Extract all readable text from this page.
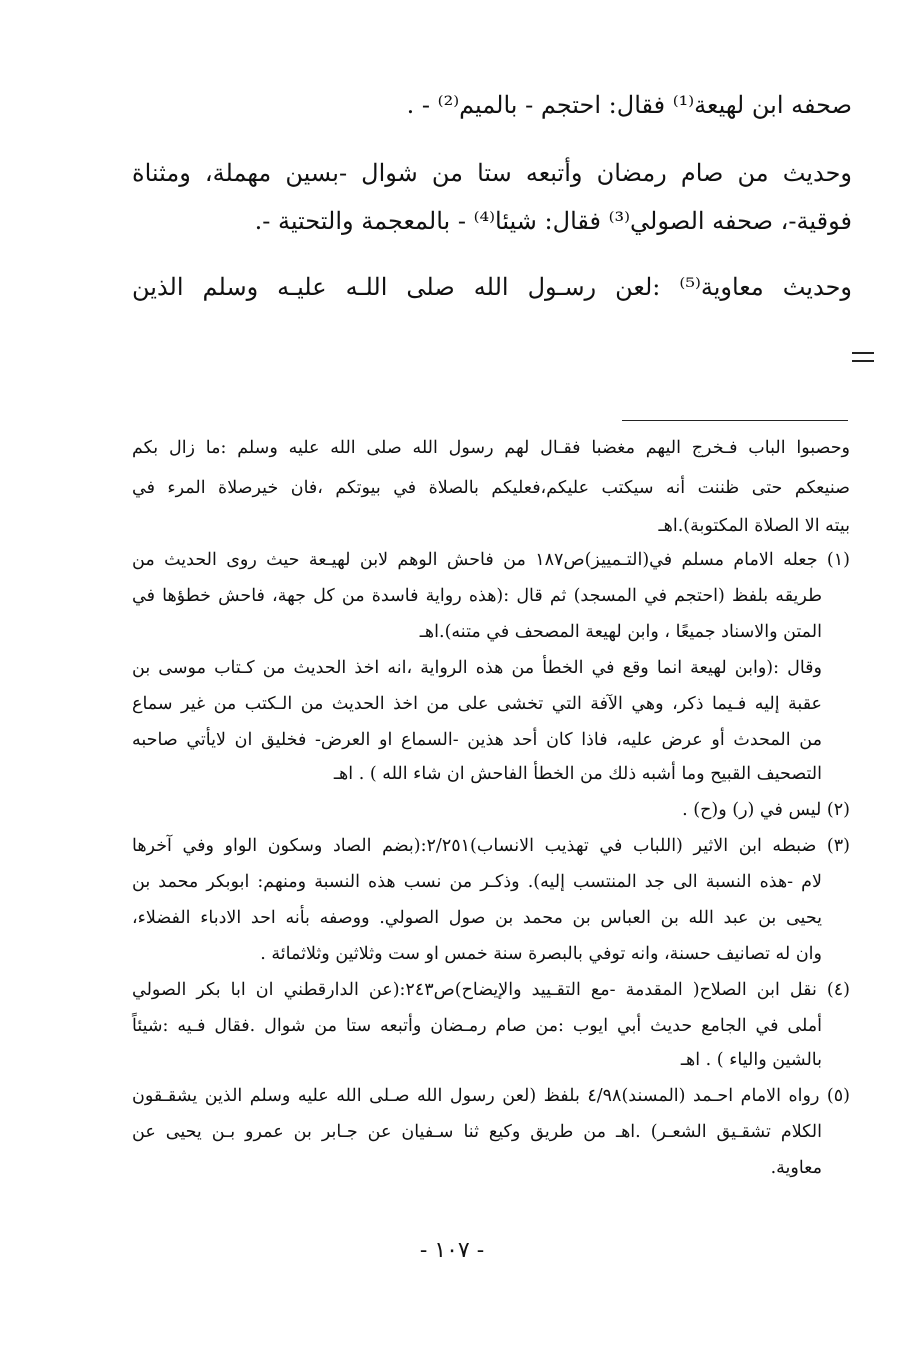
صحفه ابن لهيعة⁽¹⁾ فقال: احتجم - بالميم⁽²⁾ - .
وحديث من صام رمضان وأتبعه ستا من شوال -بسين مهملة، ومثناة
فوقية-، صحفه الصولي⁽³⁾ فقال: شيئا⁽⁴⁾ - بالمعجمة والتحتية -.
وحديث معاوية⁽⁵⁾ :لعن رسـول الله صلى اللـه عليـه وسلم الذين
وحصبوا الباب فـخرج اليهم مغضبا فقـال لهم رسول الله صلى الله عليه وسلم :ما زال بكم
صنيعكم حتى ظننت أنه سيكتب عليكم،فعليكم بالصلاة في بيوتكم ،فان خيرصلاة المرء في
بيته الا الصلاة المكتوبة).اهـ
(١) جعله الامام مسلم في(التـمييز)ص١٨٧ من فاحش الوهم لابن لهيـعة حيث روى الحديث من
طريقه بلفظ (احتجم في المسجد) ثم قال :(هذه رواية فاسدة من كل جهة، فاحش خطؤها في
المتن والاسناد جميعًا ، وابن لهيعة المصحف في متنه).اهـ
وقال :(وابن لهيعة انما وقع في الخطأ من هذه الرواية ،انه اخذ الحديث من كـتاب موسى بن
عقبة إليه فـيما ذكر، وهي الآفة التي تخشى على من اخذ الحديث من الـكتب من غير سماع
من المحدث أو عرض عليه، فاذا كان أحد هذين -السماع او العرض- فخليق ان لايأتي صاحبه
التصحيف القبيح وما أشبه ذلك من الخطأ الفاحش ان شاء الله ) . اهـ
(٢) ليس في (ر) و(ح) .
(٣) ضبطه ابن الاثير (اللباب في تهذيب الانساب)٢/٢٥١:(بضم الصاد وسكون الواو وفي آخرها
لام -هذه النسبة الى جد المنتسب إليه). وذكـر من نسب هذه النسبة ومنهم: ابوبكر محمد بن
يحيى بن عبد الله بن العباس بن محمد بن صول الصولي. ووصفه بأنه احد الادباء الفضلاء،
وان له تصانيف حسنة، وانه توفي بالبصرة سنة خمس او ست وثلاثين وثلاثمائة .
(٤) نقل ابن الصلاح( المقدمة -مع التقـييد والإيضاح)ص٢٤٣:(عن الدارقطني ان ابا بكر الصولي
أملى في الجامع حديث أبي ايوب :من صام رمـضان وأتبعه ستا من شوال .فقال فـيه :شيئاً
بالشين والياء ) . اهـ
(٥) رواه الامام احـمد (المسند)٤/٩٨ بلفظ (لعن رسول الله صـلى الله عليه وسلم الذين يشقـقون
الكلام تشقـيق الشعـر) .اهـ من طريق وكيع ثنا سـفيان عن جـابر بن عمرو بـن يحيى عن
معاوية.
- ١٠٧ -
